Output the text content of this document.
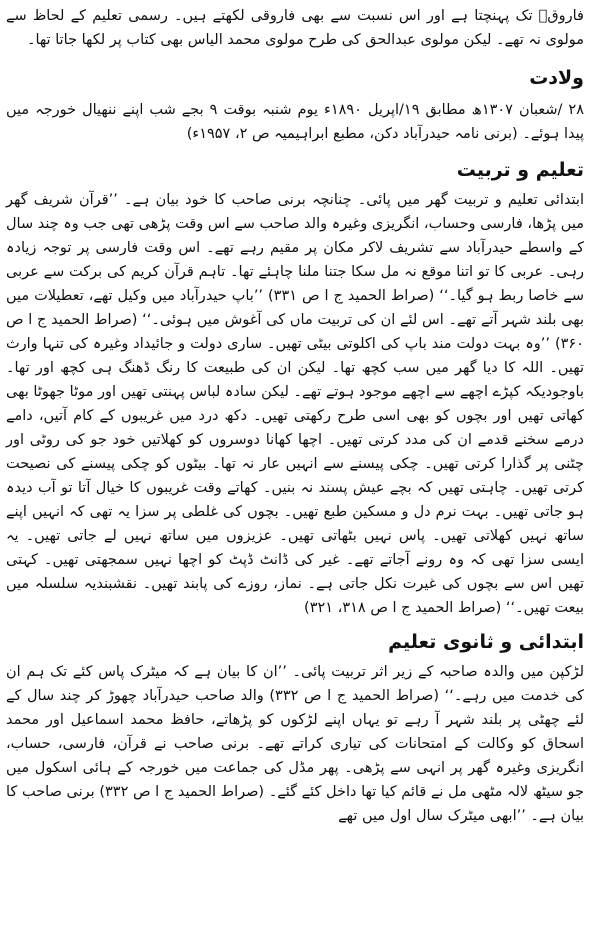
فاروقؔ تک پہنچتا ہے اور اس نسبت سے بھی فاروقی لکھتے ہیں۔ رسمی تعلیم کے لحاظ سے مولوی نہ تھے۔ لیکن مولوی عبدالحق کی طرح مولوی محمد الیاس بھی کتاب پر لکھا جاتا تھا۔

ولادت

۲۸ /شعبان ۱۳۰۷ھ مطابق ۱۹/اپریل ۱۸۹۰ء یوم شنبہ بوقت ۹ بجے شب اپنے ننھیال خورجہ میں پیدا ہوئے۔ (برنی نامہ حیدرآباد دکن، مطبع ابراہیمیہ ص ۲، ۱۹۵۷ء)

تعلیم و تربیت

ابتدائی تعلیم و تربیت گھر میں پائی۔ چنانچہ برنی صاحب کا خود بیان ہے۔ ’’قرآن شریف گھر میں پڑھا، فارسی وحساب، انگریزی وغیرہ والد صاحب سے اس وقت پڑھی تھی جب وہ چند سال کے واسطے حیدرآباد سے تشریف لاکر مکان پر مقیم رہے تھے۔ اس وقت فارسی پر توجہ زیادہ رہی۔ عربی کا تو اتنا موقع نہ مل سکا جتنا ملنا چاہئے تھا۔ تاہم قرآن کریم کی برکت سے عربی سے خاصا ربط ہو گیا۔‘‘ (صراط الحمید ج ا ص ۳۳۱) ’’باپ حیدرآباد میں وکیل تھے، تعطیلات میں بھی بلند شہر آتے تھے۔ اس لئے ان کی تربیت ماں کی آغوش میں ہوئی۔‘‘ (صراط الحمید ج ا ص ۳۶۰) ’’وہ بہت دولت مند باپ کی اکلوتی بیٹی تھیں۔ ساری دولت و جائیداد وغیرہ کی تنہا وارث تھیں۔ اللہ کا دیا گھر میں سب کچھ تھا۔ لیکن ان کی طبیعت کا رنگ ڈھنگ ہی کچھ اور تھا۔ باوجودیکہ کپڑے اچھے سے اچھے موجود ہوتے تھے۔ لیکن سادہ لباس پہنتی تھیں اور موٹا جھوٹا بھی کھاتی تھیں اور بچوں کو بھی اسی طرح رکھتی تھیں۔ دکھ درد میں غریبوں کے کام آتیں، دامے درمے سخنے قدمے ان کی مدد کرتی تھیں۔ اچھا کھانا دوسروں کو کھلاتیں خود جو کی روٹی اور چٹنی پر گذارا کرتی تھیں۔ چکی پیسنے سے انہیں عار نہ تھا۔ بیٹوں کو چکی پیسنے کی نصیحت کرتی تھیں۔ چاہتی تھیں کہ بچے عیش پسند نہ بنیں۔ کھاتے وقت غریبوں کا خیال آتا تو آب دیدہ ہو جاتی تھیں۔ بہت نرم دل و مسکین طبع تھیں۔ بچوں کی غلطی پر سزا یہ تھی کہ انہیں اپنے ساتھ نہیں کھلاتی تھیں۔ پاس نہیں بٹھاتی تھیں۔ عزیزوں میں ساتھ نہیں لے جاتی تھیں۔ یہ ایسی سزا تھی کہ وہ رونے آجاتے تھے۔ غیر کی ڈانٹ ڈپٹ کو اچھا نہیں سمجھتی تھیں۔ کہتی تھیں اس سے بچوں کی غیرت نکل جاتی ہے۔ نماز، روزے کی پابند تھیں۔ نقشبندیہ سلسلہ میں بیعت تھیں۔‘‘ (صراط الحمید ج ا ص ۳۱۸، ۳۲۱)

ابتدائی و ثانوی تعلیم

لڑکپن میں والدہ صاحبہ کے زیر اثر تربیت پائی۔ ’’ان کا بیان ہے کہ میٹرک پاس کئے تک ہم ان کی خدمت میں رہے۔‘‘ (صراط الحمید ج ا ص ۳۳۲) والد صاحب حیدرآباد چھوڑ کر چند سال کے لئے چھٹی پر بلند شہر آ رہے تو یہاں اپنے لڑکوں کو پڑھاتے، حافظ محمد اسماعیل اور محمد اسحاق کو وکالت کے امتحانات کی تیاری کراتے تھے۔ برنی صاحب نے قرآن، فارسی، حساب، انگریزی وغیرہ گھر پر انہی سے پڑھی۔ پھر مڈل کی جماعت میں خورجہ کے ہائی اسکول میں جو سیٹھ لالہ مٹھی مل نے قائم کیا تھا داخل کئے گئے۔ (صراط الحمید ج ا ص ۳۳۲) برنی صاحب کا بیان ہے۔ ’’ابھی میٹرک سال اول میں تھے
